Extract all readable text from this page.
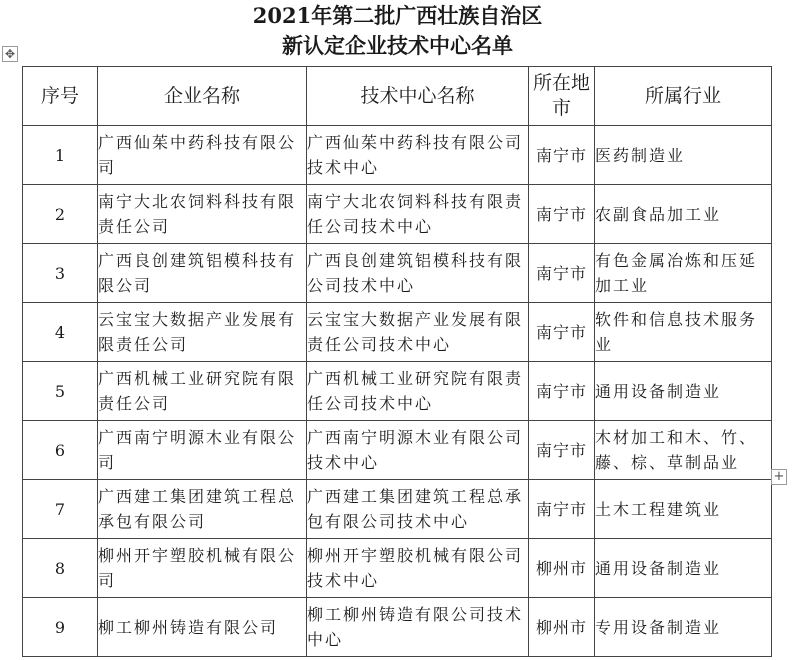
2021年第二批广西壮族自治区
新认定企业技术中心名单
✥
序号	企业名称	技术中心名称	所在地市	所属行业
1	广西仙茱中药科技有限公司	广西仙茱中药科技有限公司技术中心	南宁市	医药制造业
2	南宁大北农饲料科技有限责任公司	南宁大北农饲料科技有限责任公司技术中心	南宁市	农副食品加工业
3	广西良创建筑铝模科技有限公司	广西良创建筑铝模科技有限公司技术中心	南宁市	有色金属冶炼和压延加工业
4	云宝宝大数据产业发展有限责任公司	云宝宝大数据产业发展有限责任公司技术中心	南宁市	软件和信息技术服务业
5	广西机械工业研究院有限责任公司	广西机械工业研究院有限责任公司技术中心	南宁市	通用设备制造业
6	广西南宁明源木业有限公司	广西南宁明源木业有限公司技术中心	南宁市	木材加工和木、竹、藤、棕、草制品业
7	广西建工集团建筑工程总承包有限公司	广西建工集团建筑工程总承包有限公司技术中心	南宁市	土木工程建筑业
8	柳州开宇塑胶机械有限公司	柳州开宇塑胶机械有限公司技术中心	柳州市	通用设备制造业
9	柳工柳州铸造有限公司	柳工柳州铸造有限公司技术中心	柳州市	专用设备制造业
+
